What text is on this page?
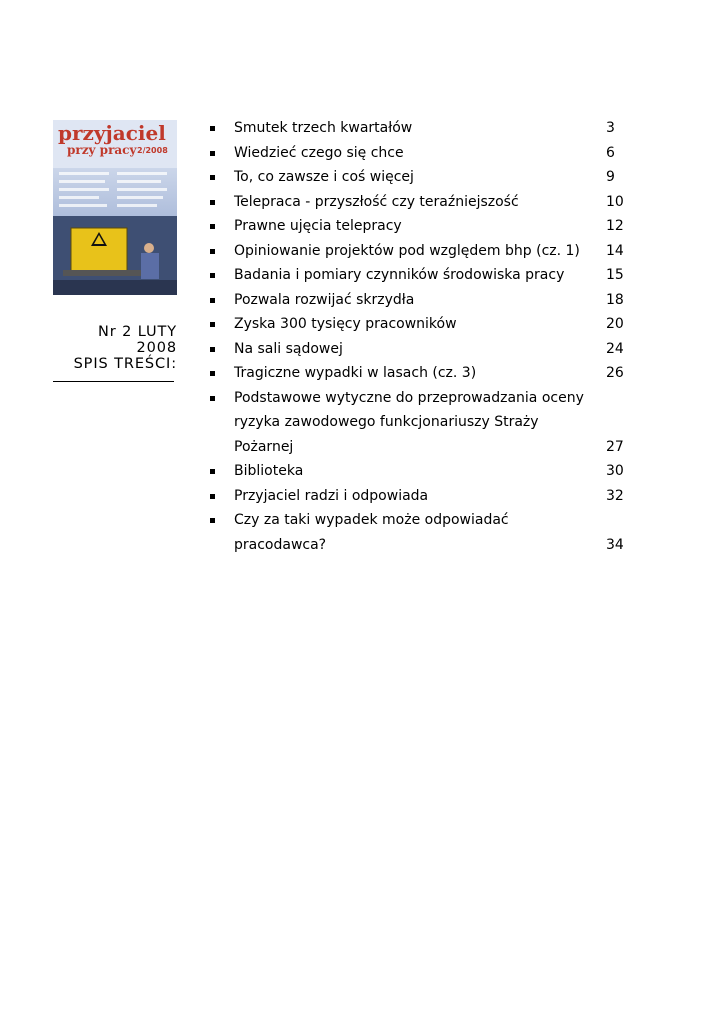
przyjaciel
przy pracy 2/2008
Nr 2 LUTY 2008
SPIS TREŚCI:
Smutek trzech kwartałów	3
Wiedzieć czego się chce	6
To, co zawsze i coś więcej	9
Telepraca - przyszłość czy teraźniejszość	10
Prawne ujęcia telepracy	12
Opiniowanie projektów pod względem bhp (cz. 1)	14
Badania i pomiary czynników środowiska pracy	15
Pozwala rozwijać skrzydła	18
Zyska 300 tysięcy pracowników	20
Na sali sądowej	24
Tragiczne wypadki w lasach (cz. 3)	26
Podstawowe wytyczne do przeprowadzania oceny ryzyka zawodowego funkcjonariuszy Straży Pożarnej	27
Biblioteka	30
Przyjaciel radzi i odpowiada	32
Czy za taki wypadek może odpowiadać pracodawca?	34
